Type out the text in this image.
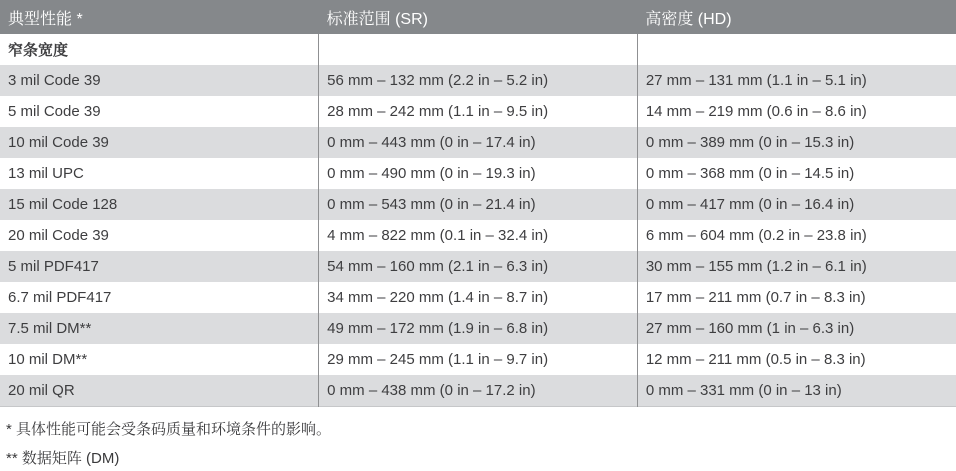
典型性能 *	标准范围 (SR)	高密度 (HD)
窄条宽度		
3 mil Code 39	56 mm – 132 mm (2.2 in – 5.2 in)	27 mm – 131 mm (1.1 in – 5.1 in)
5 mil Code 39	28 mm – 242 mm (1.1 in – 9.5 in)	14 mm – 219 mm (0.6 in – 8.6 in)
10 mil Code 39	0 mm – 443 mm (0 in – 17.4 in)	0 mm – 389 mm (0 in – 15.3 in)
13 mil UPC	0 mm – 490 mm (0 in – 19.3 in)	0 mm – 368 mm (0 in – 14.5 in)
15 mil Code 128	0 mm – 543 mm (0 in – 21.4 in)	0 mm – 417 mm (0 in – 16.4 in)
20 mil Code 39	4 mm – 822 mm (0.1 in – 32.4 in)	6 mm – 604 mm (0.2 in – 23.8 in)
5 mil PDF417	54 mm – 160 mm (2.1 in – 6.3 in)	30 mm – 155 mm (1.2 in – 6.1 in)
6.7 mil PDF417	34 mm – 220 mm (1.4 in – 8.7 in)	17 mm – 211 mm (0.7 in – 8.3 in)
7.5 mil DM**	49 mm – 172 mm (1.9 in – 6.8 in)	27 mm – 160 mm (1 in – 6.3 in)
10 mil DM**	29 mm – 245 mm (1.1 in – 9.7 in)	12 mm – 211 mm (0.5 in – 8.3 in)
20 mil QR	0 mm – 438 mm (0 in – 17.2 in)	0 mm – 331 mm (0 in – 13 in)
* 具体性能可能会受条码质量和环境条件的影响。
** 数据矩阵 (DM)
